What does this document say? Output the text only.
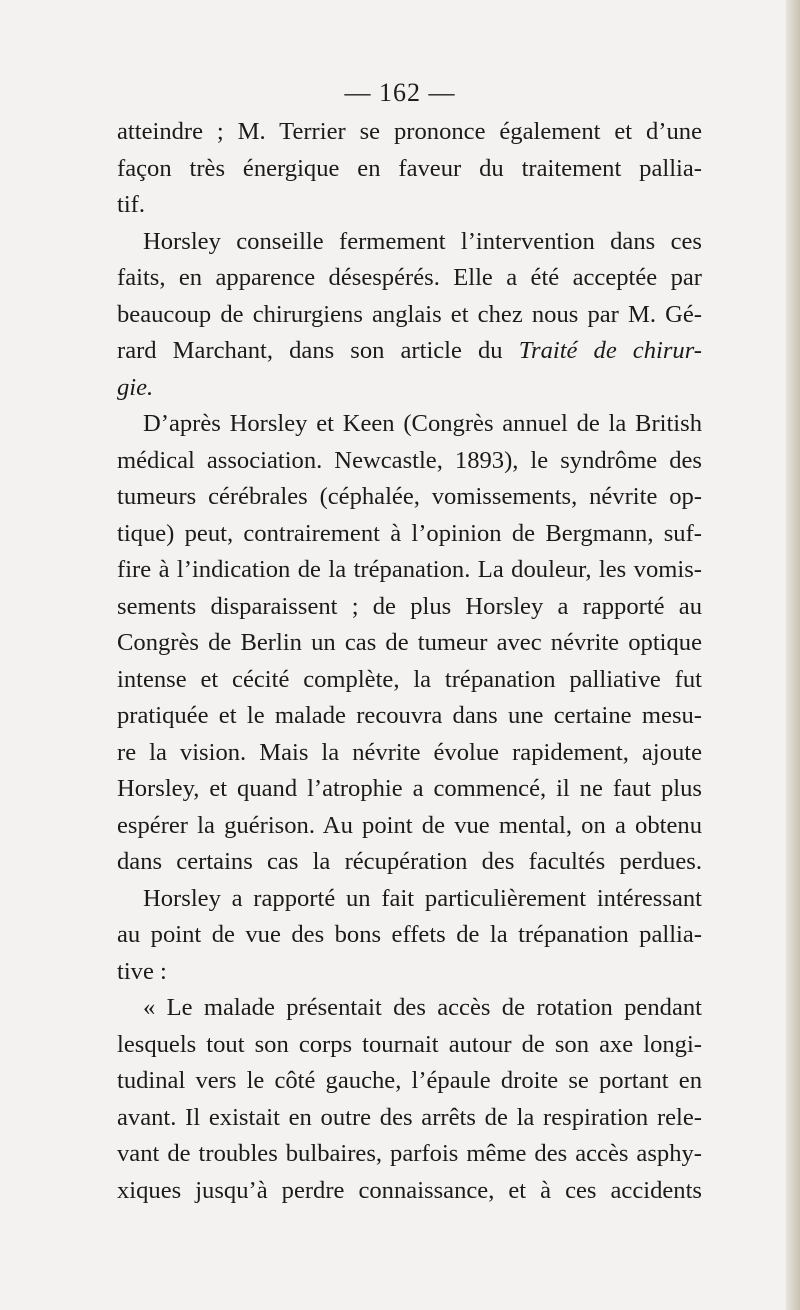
— 162 —
atteindre ; M. Terrier se prononce également et d’une
façon très énergique en faveur du traitement pallia-
tif.
Horsley conseille fermement l’intervention dans ces
faits, en apparence désespérés. Elle a été acceptée par
beaucoup de chirurgiens anglais et chez nous par M. Gé-
rard Marchant, dans son article du Traité de chirur-
gie.
D’après Horsley et Keen (Congrès annuel de la British
médical association. Newcastle, 1893), le syndrôme des
tumeurs cérébrales (céphalée, vomissements, névrite op-
tique) peut, contrairement à l’opinion de Bergmann, suf-
fire à l’indication de la trépanation. La douleur, les vomis-
sements disparaissent ; de plus Horsley a rapporté au
Congrès de Berlin un cas de tumeur avec névrite optique
intense et cécité complète, la trépanation palliative fut
pratiquée et le malade recouvra dans une certaine mesu-
re la vision. Mais la névrite évolue rapidement, ajoute
Horsley, et quand l’atrophie a commencé, il ne faut plus
espérer la guérison. Au point de vue mental, on a obtenu
dans certains cas la récupération des facultés perdues.
Horsley a rapporté un fait particulièrement intéressant
au point de vue des bons effets de la trépanation pallia-
tive :
« Le malade présentait des accès de rotation pendant
lesquels tout son corps tournait autour de son axe longi-
tudinal vers le côté gauche, l’épaule droite se portant en
avant. Il existait en outre des arrêts de la respiration rele-
vant de troubles bulbaires, parfois même des accès asphy-
xiques jusqu’à perdre connaissance, et à ces accidents
